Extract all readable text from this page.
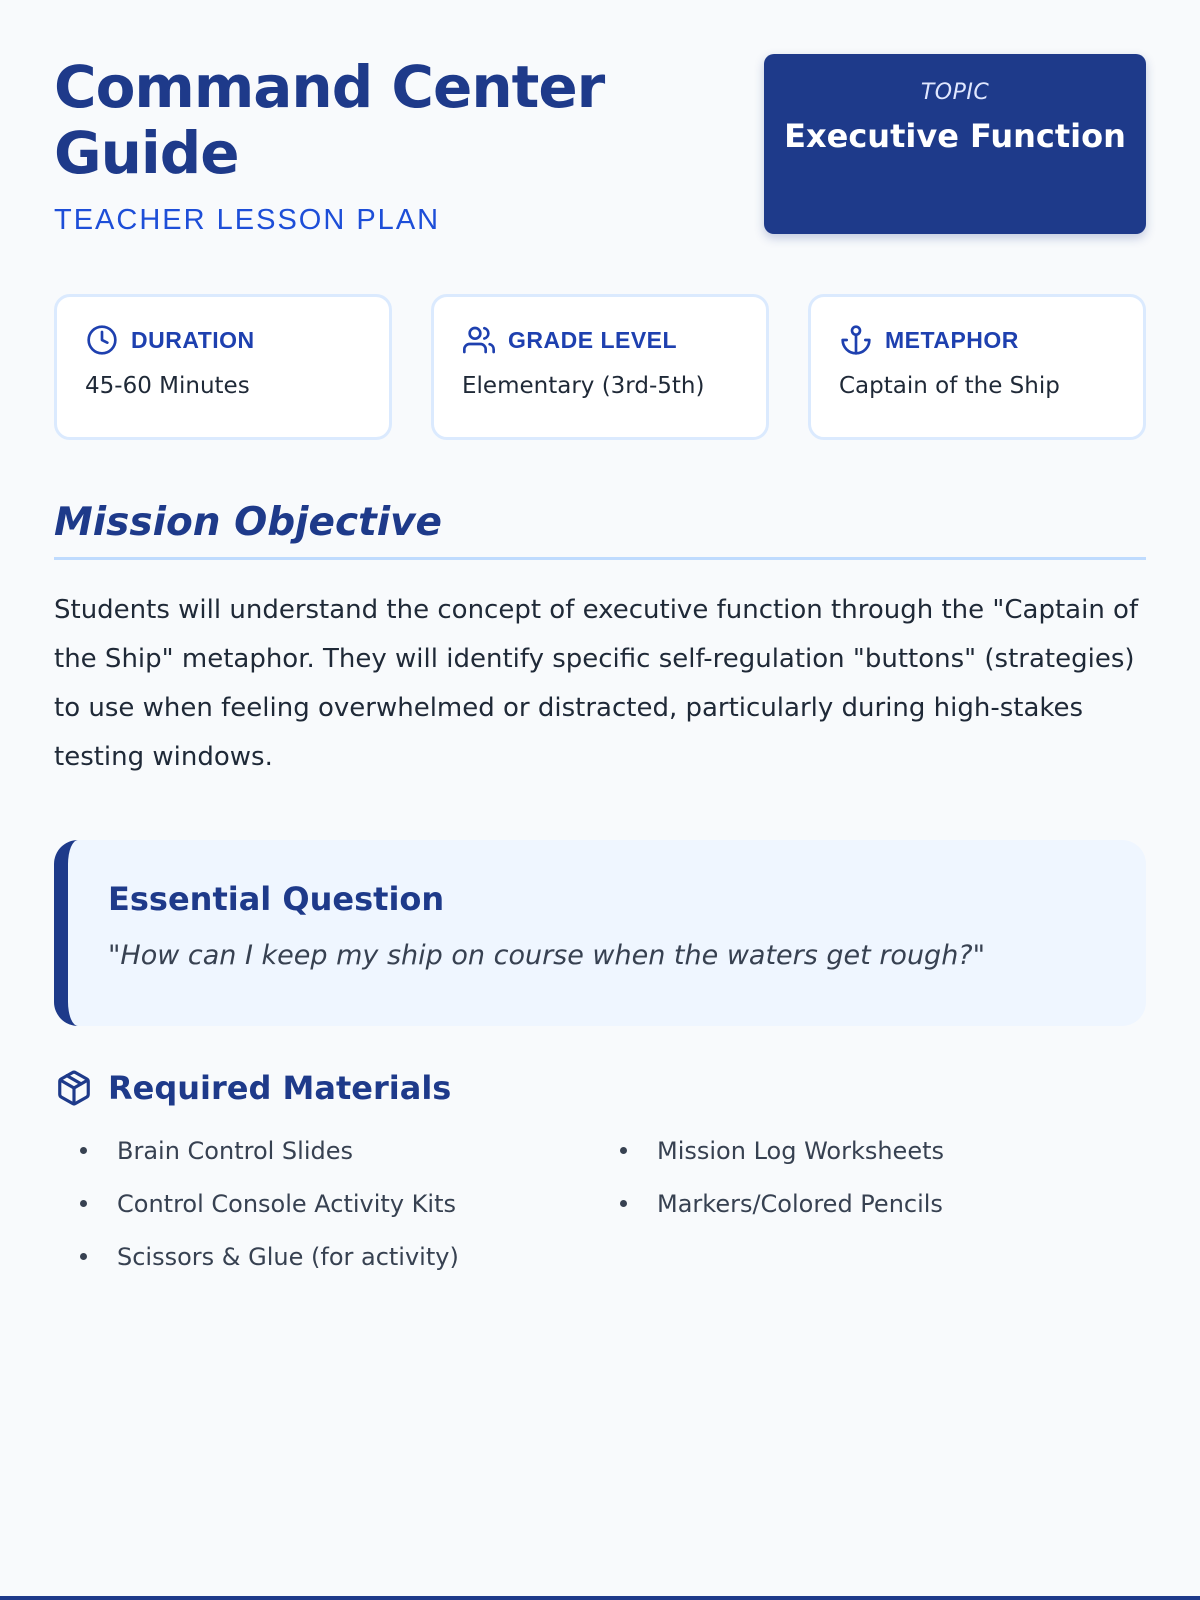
Command Center Guide
TEACHER LESSON PLAN
TOPIC
Executive Function
DURATION
45-60 Minutes
GRADE LEVEL
Elementary (3rd-5th)
METAPHOR
Captain of the Ship
Mission Objective

Students will understand the concept of executive function through the "Captain of the Ship" metaphor. They will identify specific self-regulation "buttons" (strategies) to use when feeling overwhelmed or distracted, particularly during high-stakes testing windows.

Essential Question
"How can I keep my ship on course when the waters get rough?"
Required Materials
Brain Control Slides	Mission Log Worksheets
Control Console Activity Kits	Markers/Colored Pencils
Scissors & Glue (for activity)
